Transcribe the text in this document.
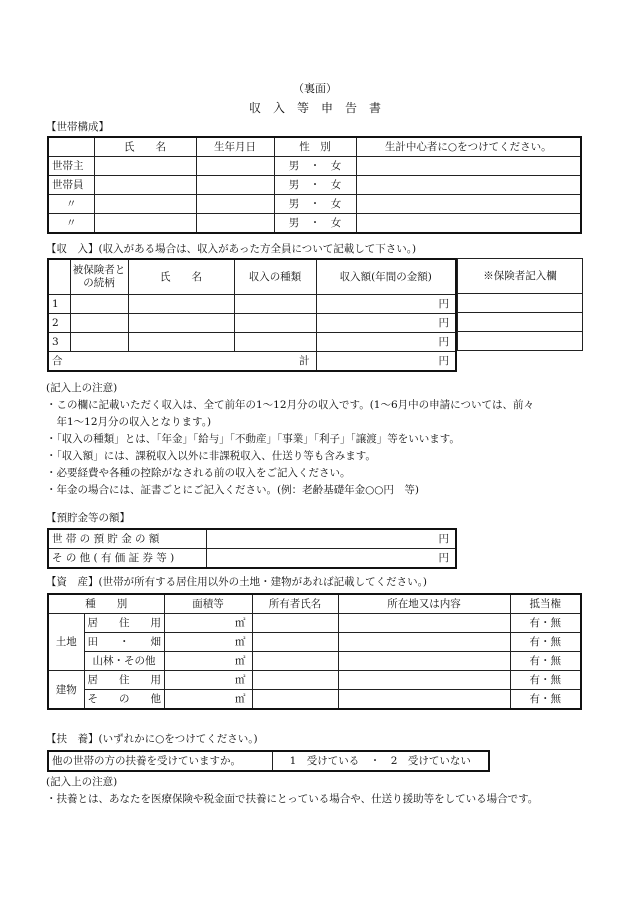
（裏面）
収　入　等　申　告　書
【世帯構成】
	氏　　名	生年月日	性　別	生計中心者に○をつけてください。
世帯主			男　・　女	
世帯員			男　・　女	
〃			男　・　女	
〃			男　・　女	
【収　入】(収入がある場合は、収入があった方全員について記載して下さい。)
	被保険者との続柄	氏　　名	収入の種類	収入額(年間の金額)
1				円
2				円
3				円
合 計				円
※保険者記入欄

(記入上の注意)
・この欄に記載いただく収入は、全て前年の1～12月分の収入です。(1～6月中の申請については、前々
　年1～12月分の収入となります。)
・「収入の種類」とは、「年金」「給与」「不動産」「事業」「利子」「譲渡」等をいいます。
・「収入額」には、課税収入以外に非課税収入、仕送り等も含みます。
・必要経費や各種の控除がなされる前の収入をご記入ください。
・年金の場合には、証書ごとにご記入ください。(例：老齢基礎年金○○円　等)
【預貯金等の額】
世 帯 の 預 貯 金 の 額	円
そ の 他 ( 有 価 証 券 等 )	円
【資　産】(世帯が所有する居住用以外の土地・建物があれば記載してください。)
種　　別		面積等	所有者氏名	所在地又は内容	抵当権
土地	居　　住　　用	㎡			有・無
	田　　・　　畑	㎡			有・無
	山林・その他	㎡			有・無
建物	居　　住　　用	㎡			有・無
	そ　　の　　他	㎡			有・無
【扶　養】(いずれかに○をつけてください。)
他の世帯の方の扶養を受けていますか。	1　受けている　・　2　受けていない
(記入上の注意)
・扶養とは、あなたを医療保険や税金面で扶養にとっている場合や、仕送り援助等をしている場合です。
